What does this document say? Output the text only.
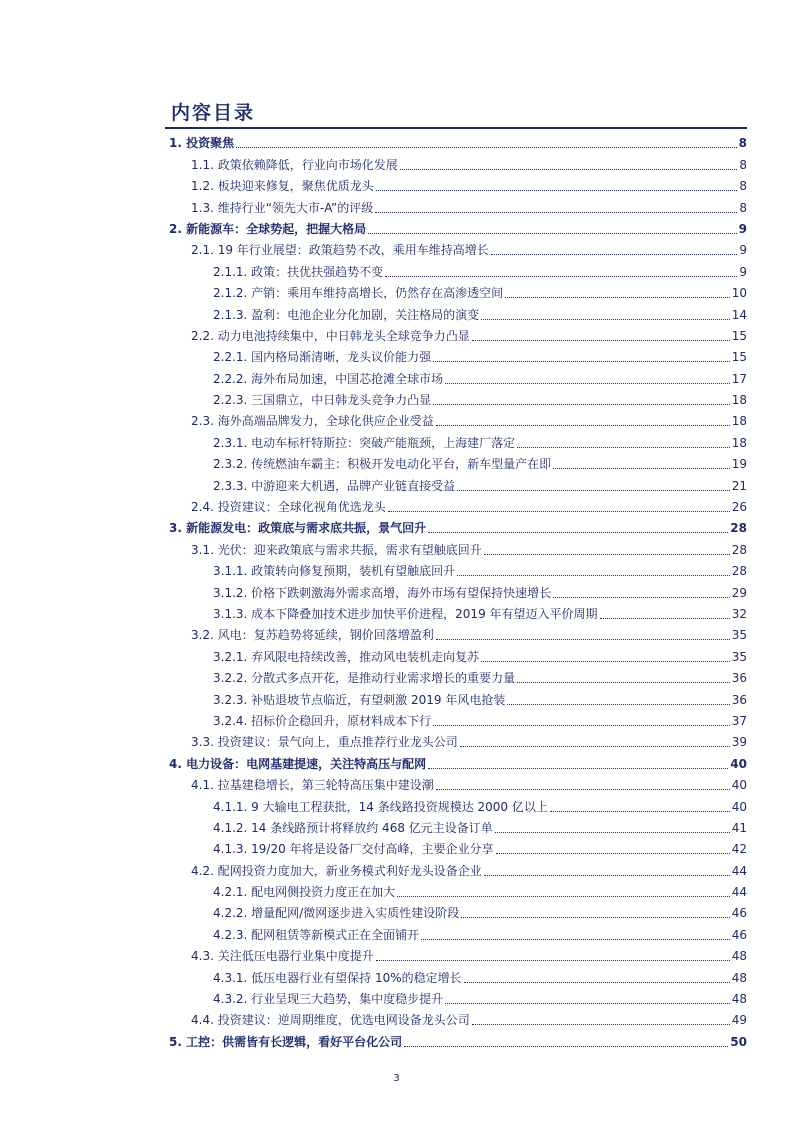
内容目录
1. 投资聚焦	8
1.1. 政策依赖降低，行业向市场化发展	8
1.2. 板块迎来修复，聚焦优质龙头	8
1.3. 维持行业“领先大市-A”的评级	8
2. 新能源车：全球势起，把握大格局	9
2.1. 19 年行业展望：政策趋势不改，乘用车维持高增长	9
2.1.1. 政策：扶优扶强趋势不变	9
2.1.2. 产销：乘用车维持高增长，仍然存在高渗透空间	10
2.1.3. 盈利：电池企业分化加剧，关注格局的演变	14
2.2. 动力电池持续集中，中日韩龙头全球竞争力凸显	15
2.2.1. 国内格局渐清晰，龙头议价能力强	15
2.2.2. 海外布局加速，中国芯抢滩全球市场	17
2.2.3. 三国鼎立，中日韩龙头竞争力凸显	18
2.3. 海外高端品牌发力，全球化供应企业受益	18
2.3.1. 电动车标杆特斯拉：突破产能瓶颈，上海建厂落定	18
2.3.2. 传统燃油车霸主：积极开发电动化平台，新车型量产在即	19
2.3.3. 中游迎来大机遇，品牌产业链直接受益	21
2.4. 投资建议：全球化视角优选龙头	26
3. 新能源发电：政策底与需求底共振，景气回升	28
3.1. 光伏：迎来政策底与需求共振，需求有望触底回升	28
3.1.1. 政策转向修复预期，装机有望触底回升	28
3.1.2. 价格下跌刺激海外需求高增，海外市场有望保持快速增长	29
3.1.3. 成本下降叠加技术进步加快平价进程，2019 年有望迈入平价周期	32
3.2. 风电：复苏趋势将延续，钢价回落增盈利	35
3.2.1. 弃风限电持续改善，推动风电装机走向复苏	35
3.2.2. 分散式多点开花，是推动行业需求增长的重要力量	36
3.2.3. 补贴退坡节点临近，有望刺激 2019 年风电抢装	36
3.2.4. 招标价企稳回升，原材料成本下行	37
3.3. 投资建议：景气向上，重点推荐行业龙头公司	39
4. 电力设备：电网基建提速，关注特高压与配网	40
4.1. 拉基建稳增长，第三轮特高压集中建设潮	40
4.1.1. 9 大输电工程获批，14 条线路投资规模达 2000 亿以上	40
4.1.2. 14 条线路预计将释放约 468 亿元主设备订单	41
4.1.3. 19/20 年将是设备厂交付高峰，主要企业分享	42
4.2. 配网投资力度加大，新业务模式利好龙头设备企业	44
4.2.1. 配电网侧投资力度正在加大	44
4.2.2. 增量配网/微网逐步进入实质性建设阶段	46
4.2.3. 配网租赁等新模式正在全面铺开	46
4.3. 关注低压电器行业集中度提升	48
4.3.1. 低压电器行业有望保持 10%的稳定增长	48
4.3.2. 行业呈现三大趋势，集中度稳步提升	48
4.4. 投资建议：逆周期维度，优选电网设备龙头公司	49
5. 工控：供需皆有长逻辑，看好平台化公司	50
3
